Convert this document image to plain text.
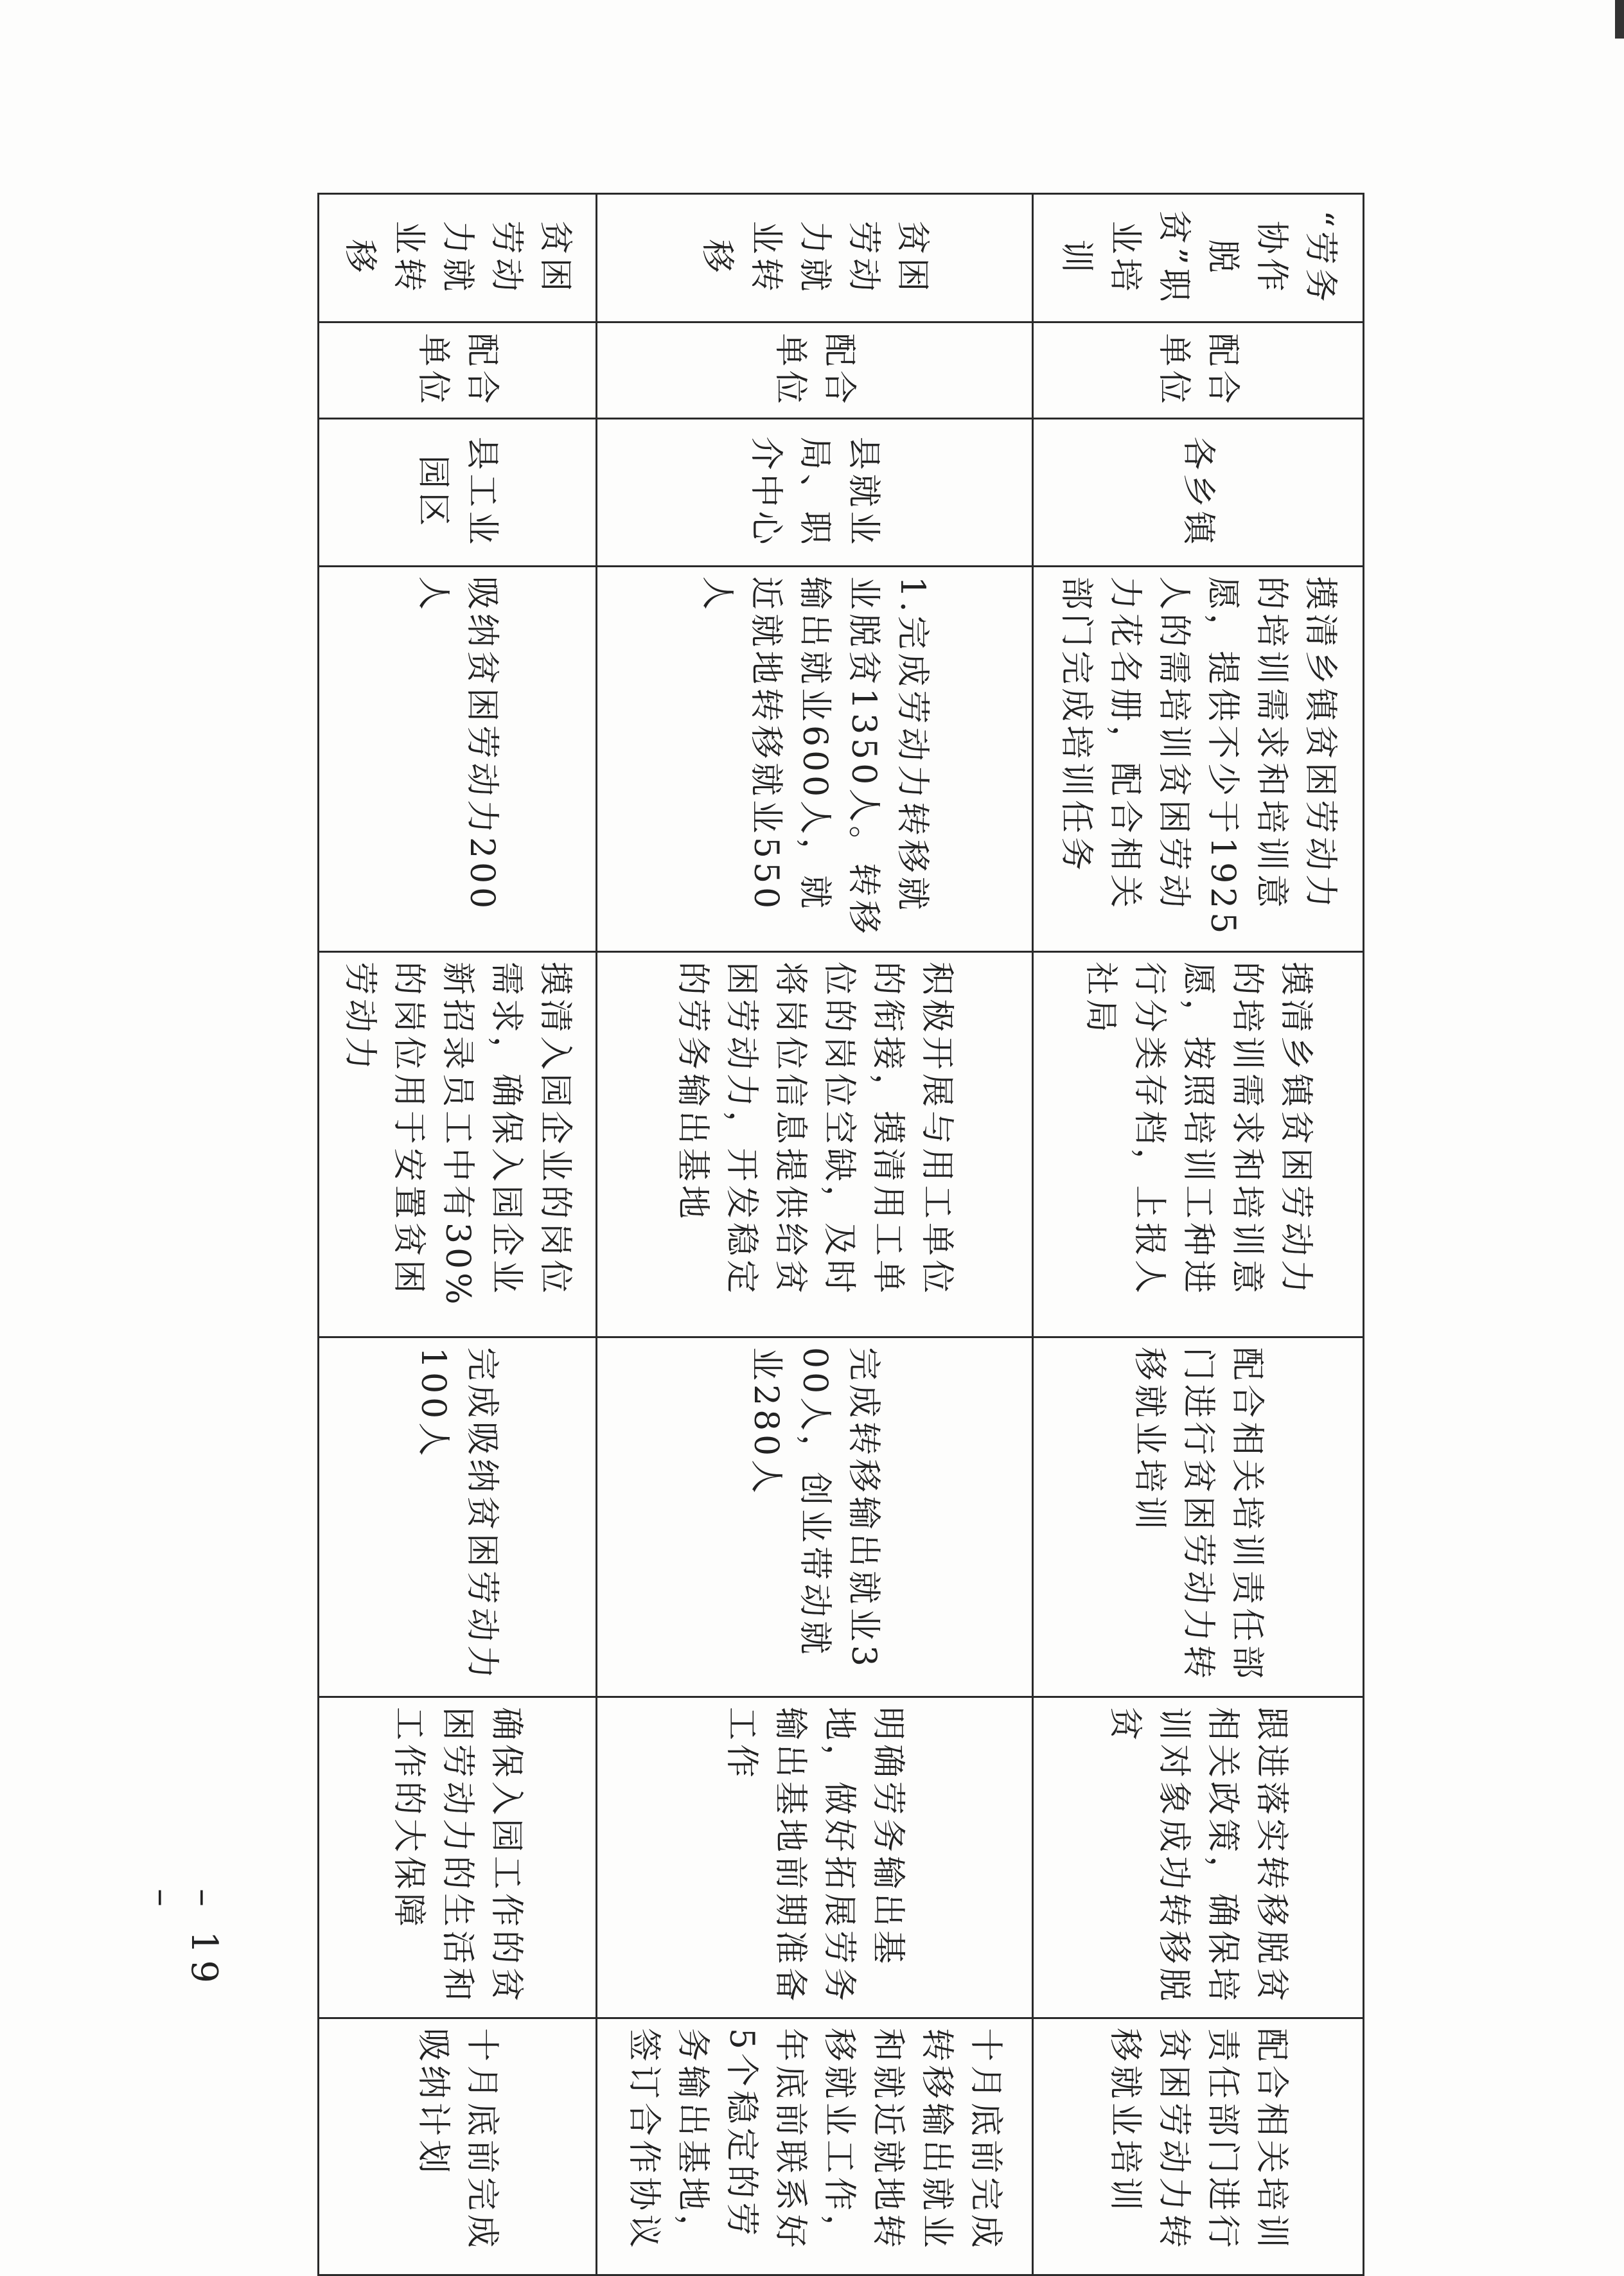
“劳务协作脱贫”职业培训	配合单位	各乡镇	摸清乡镇贫困劳动力的培训需求和培训意愿，提供不少于1925人的需培训贫困劳动力花名册，配合相关部门完成培训任务	摸清乡镇贫困劳动力的培训需求和培训意愿，按照培训工种进行分类存档，上报人社局	配合相关培训责任部门进行贫困劳动力转移就业培训	跟进落实转移脱贫相关政策，确保培训对象成功转移脱贫	配合相关培训责任部门进行贫困劳动力转移就业培训
贫困劳动力就业转移	配合单位	县就业局、职介中心	1.完成劳动力转移就业脱贫1350人。转移输出就业600人，就近就地转移就业550人	积极开展与用工单位的衔接，摸清用工单位的岗位空缺，及时将岗位信息提供给贫困劳动力，开发稳定的劳务输出基地	完成转移输出就业300人，创业带动就业280人	明确劳务输出基地，做好拓展劳务输出基地前期准备工作	十月底前完成转移输出就业和就近就地转移就业工作，年底前联系好5个稳定的劳务输出基地，签订合作协议
贫困劳动力就业转移	配合单位	县工业园区	吸纳贫困劳动力200人	摸清入园企业的岗位需求，确保入园企业新招录员工中有30%的岗位用于安置贫困劳动力	完成吸纳贫困劳动力100人	确保入园工作的贫困劳动力的生活和工作的大保障	十月底前完成吸纳计划
– 19 –
